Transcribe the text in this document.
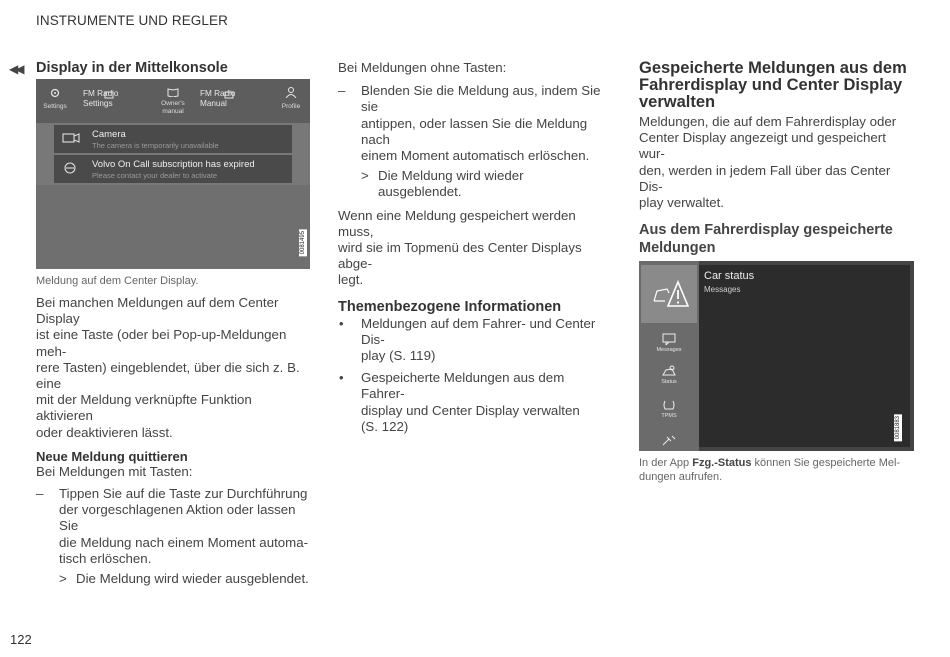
INSTRUMENTE UND REGLER
◀◀ Display in der Mittelkonsole
Settings
FM Radio
Settings	Owner's
manual
FM Radio
Manual	Profile
Camera
The camera is temporarily unavailable
Volvo On Call subscription has expired
Please contact your dealer to activate
0081495
Meldung auf dem Center Display.

Bei manchen Meldungen auf dem Center Display
ist eine Taste (oder bei Pop-up-Meldungen meh-
rere Tasten) eingeblendet, über die sich z. B. eine
mit der Meldung verknüpfte Funktion aktivieren
oder deaktivieren lässt.

Neue Meldung quittieren

Bei Meldungen mit Tasten:

– Tippen Sie auf die Taste zur Durchführung
der vorgeschlagenen Aktion oder lassen Sie
die Meldung nach einem Moment automa-
tisch erlöschen.
> Die Meldung wird wieder ausgeblendet.

Bei Meldungen ohne Tasten:

– Blenden Sie die Meldung aus, indem Sie sie
antippen, oder lassen Sie die Meldung nach
einem Moment automatisch erlöschen.
> Die Meldung wird wieder ausgeblendet.

Wenn eine Meldung gespeichert werden muss,
wird sie im Topmenü des Center Displays abge-
legt.

Themenbezogene Informationen
• Meldungen auf dem Fahrer- und Center Dis-
play (S. 119)
• Gespeicherte Meldungen aus dem Fahrer-
display und Center Display verwalten
(S. 122)
Gespeicherte Meldungen aus dem
Fahrerdisplay und Center Display
verwalten

Meldungen, die auf dem Fahrerdisplay oder
Center Display angezeigt und gespeichert wur-
den, werden in jedem Fall über das Center Dis-
play verwaltet.

Aus dem Fahrerdisplay gespeicherte
Meldungen
Messages
Status
TPMS
Car status
Messages
0081883
In der App Fzg.-Status können Sie gespeicherte Mel-
dungen aufrufen.
122
